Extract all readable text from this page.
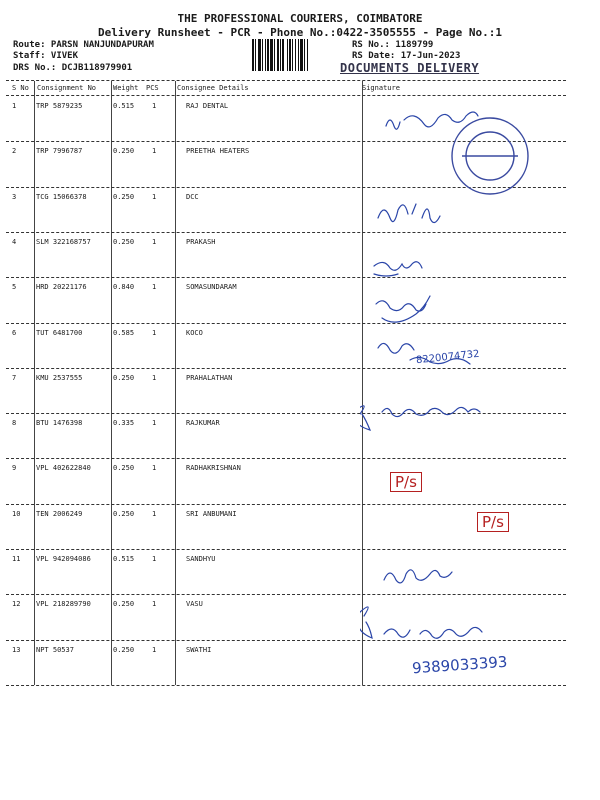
THE PROFESSIONAL COURIERS, COIMBATORE
Delivery Runsheet - PCR - Phone No.:0422-3505555 - Page No.:1
Route: PARSN NANJUNDAPURAM
Staff: VIVEK
DRS No.: DCJB118979901
RS No.: 1189799
RS Date: 17-Jun-2023
DOCUMENTS DELIVERY
S No Consignment No Weight PCS	Consignee Details	Signature
1	TRP 5879235	0.515	1	RAJ DENTAL
2	TRP 7996787	0.250	1	PREETHA HEATERS
3	TCG 15066378	0.250	1	DCC
4	SLM 322168757	0.250	1	PRAKASH
5	HRD 20221176	0.840	1	SOMASUNDARAM
6	TUT 6481700	0.585	1	KOCO
7	KMU 2537555	0.250	1	PRAHALATHAN
8	BTU 1476398	0.335	1	RAJKUMAR
9	VPL 402622840	0.250	1	RADHAKRISHNAN
10 TEN 2006249	0.250	1	SRI ANBUMANI
11 VPL 942094086	0.515	1	SANDHYU
12 VPL 218289790	0.250	1	VASU
13 NPT 50537	0.250	1	SWATHI
P/s
P/s
8220074732
9389033393
